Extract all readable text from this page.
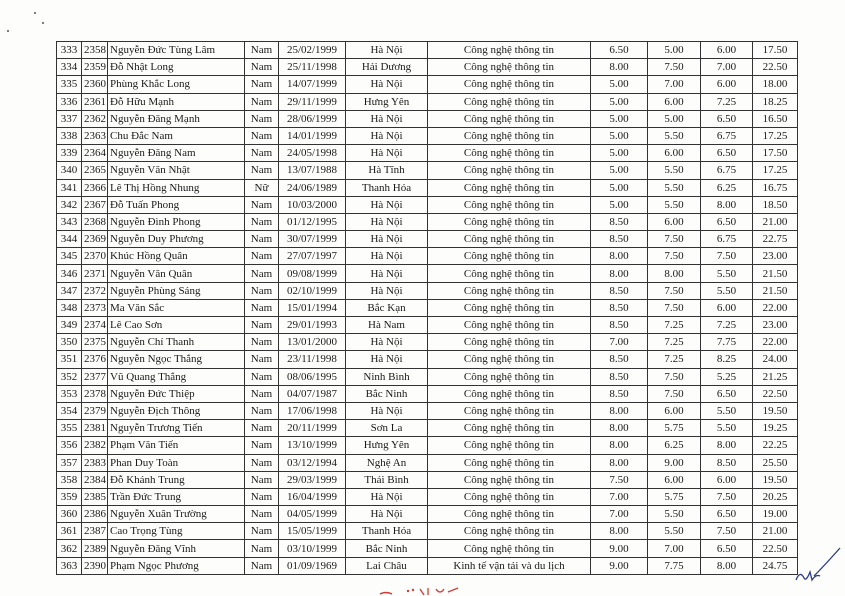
333	2358	Nguyễn Đức Tùng Lâm	Nam	25/02/1999	Hà Nội	Công nghệ thông tin	6.50	5.00	6.00	17.50
334	2359	Đỗ Nhật Long	Nam	25/11/1998	Hải Dương	Công nghệ thông tin	8.00	7.50	7.00	22.50
335	2360	Phùng Khắc Long	Nam	14/07/1999	Hà Nội	Công nghệ thông tin	5.00	7.00	6.00	18.00
336	2361	Đỗ Hữu Mạnh	Nam	29/11/1999	Hưng Yên	Công nghệ thông tin	5.00	6.00	7.25	18.25
337	2362	Nguyễn Đăng Mạnh	Nam	28/06/1999	Hà Nội	Công nghệ thông tin	5.00	5.00	6.50	16.50
338	2363	Chu Đắc Nam	Nam	14/01/1999	Hà Nội	Công nghệ thông tin	5.00	5.50	6.75	17.25
339	2364	Nguyễn Đăng Nam	Nam	24/05/1998	Hà Nội	Công nghệ thông tin	5.00	6.00	6.50	17.50
340	2365	Nguyễn Văn Nhật	Nam	13/07/1988	Hà Tĩnh	Công nghệ thông tin	5.00	5.50	6.75	17.25
341	2366	Lê Thị Hồng Nhung	Nữ	24/06/1989	Thanh Hóa	Công nghệ thông tin	5.00	5.50	6.25	16.75
342	2367	Đỗ Tuấn Phong	Nam	10/03/2000	Hà Nội	Công nghệ thông tin	5.00	5.50	8.00	18.50
343	2368	Nguyễn Đình Phong	Nam	01/12/1995	Hà Nội	Công nghệ thông tin	8.50	6.00	6.50	21.00
344	2369	Nguyễn Duy Phương	Nam	30/07/1999	Hà Nội	Công nghệ thông tin	8.50	7.50	6.75	22.75
345	2370	Khúc Hồng Quân	Nam	27/07/1997	Hà Nội	Công nghệ thông tin	8.00	7.50	7.50	23.00
346	2371	Nguyễn Văn Quân	Nam	09/08/1999	Hà Nội	Công nghệ thông tin	8.00	8.00	5.50	21.50
347	2372	Nguyễn Phùng Sáng	Nam	02/10/1999	Hà Nội	Công nghệ thông tin	8.50	7.50	5.50	21.50
348	2373	Ma Văn Sắc	Nam	15/01/1994	Bắc Kạn	Công nghệ thông tin	8.50	7.50	6.00	22.00
349	2374	Lê Cao Sơn	Nam	29/01/1993	Hà Nam	Công nghệ thông tin	8.50	7.25	7.25	23.00
350	2375	Nguyễn Chí Thanh	Nam	13/01/2000	Hà Nội	Công nghệ thông tin	7.00	7.25	7.75	22.00
351	2376	Nguyễn Ngọc Thắng	Nam	23/11/1998	Hà Nội	Công nghệ thông tin	8.50	7.25	8.25	24.00
352	2377	Vũ Quang Thắng	Nam	08/06/1995	Ninh Bình	Công nghệ thông tin	8.50	7.50	5.25	21.25
353	2378	Nguyễn Đức Thiệp	Nam	04/07/1987	Bắc Ninh	Công nghệ thông tin	8.50	7.50	6.50	22.50
354	2379	Nguyễn Địch Thông	Nam	17/06/1998	Hà Nội	Công nghệ thông tin	8.00	6.00	5.50	19.50
355	2381	Nguyễn Trương Tiến	Nam	20/11/1999	Sơn La	Công nghệ thông tin	8.00	5.75	5.50	19.25
356	2382	Phạm Văn Tiến	Nam	13/10/1999	Hưng Yên	Công nghệ thông tin	8.00	6.25	8.00	22.25
357	2383	Phan Duy Toàn	Nam	03/12/1994	Nghệ An	Công nghệ thông tin	8.00	9.00	8.50	25.50
358	2384	Đỗ Khánh Trung	Nam	29/03/1999	Thái Bình	Công nghệ thông tin	7.50	6.00	6.00	19.50
359	2385	Trần Đức Trung	Nam	16/04/1999	Hà Nội	Công nghệ thông tin	7.00	5.75	7.50	20.25
360	2386	Nguyễn Xuân Trường	Nam	04/05/1999	Hà Nội	Công nghệ thông tin	7.00	5.50	6.50	19.00
361	2387	Cao Trọng Tùng	Nam	15/05/1999	Thanh Hóa	Công nghệ thông tin	8.00	5.50	7.50	21.00
362	2389	Nguyễn Đăng Vĩnh	Nam	03/10/1999	Bắc Ninh	Công nghệ thông tin	9.00	7.00	6.50	22.50
363	2390	Phạm Ngọc Phương	Nam	01/09/1969	Lai Châu	Kinh tế vận tải và du lịch	9.00	7.75	8.00	24.75
